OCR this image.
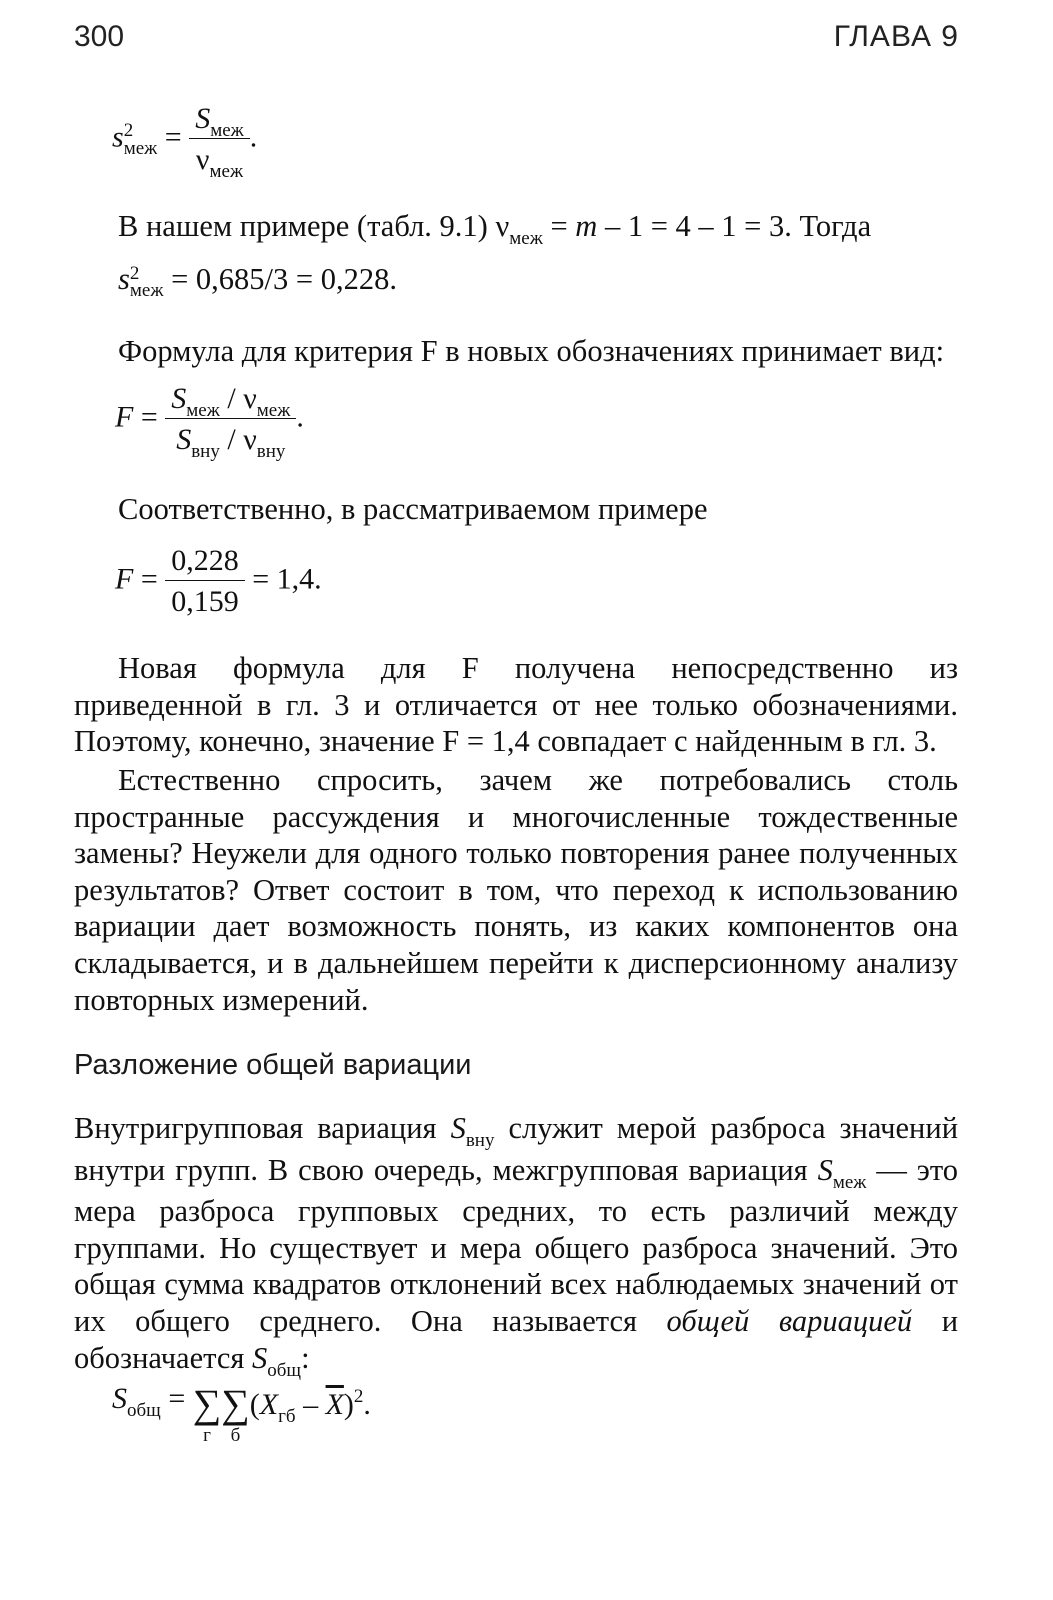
300	ГЛАВА 9
s 2
меж = $\frac{S_{меж}}{\nu_{меж}}$ .
В нашем примере (табл. 9.1) $\nu_{меж} = m - 1 = 4 - 1 = 3$. Тогда
s 2
меж = 0,685/3 = 0,228.
Формула для критерия F в новых обозначениях принимает вид:
$F = \frac{S_{меж} / \nu_{меж}}{S_{вну} / \nu_{вну}}$ .
Соответственно, в рассматриваемом примере
$F = \frac{0,228}{0,159} = 1,4$.
Новая формула для F получена непосредственно из приведенной в гл. 3 и отличается от нее только обозначениями. Поэтому, конечно, значение F = 1,4 совпадает с найденным в гл. 3.
Естественно спросить, зачем же потребовались столь пространные рассуждения и многочисленные тождественные замены? Неужели для одного только повторения ранее полученных результатов? Ответ состоит в том, что переход к использованию вариации дает возможность понять, из каких компонентов она складывается, и в дальнейшем перейти к дисперсионному анализу повторных измерений.
Разложение общей вариации
Внутригрупповая вариация $S_{вну}$ служит мерой разброса значений внутри групп. В свою очередь, межгрупповая вариация $S_{меж}$ — это мера разброса групповых средних, то есть различий между группами. Но существует и мера общего разброса значений. Это общая сумма квадратов отклонений всех наблюдаемых значений от их общего среднего. Она называется общей вариацией и обозначается $S_{общ}$:
$S_{общ}$ = ∑
г
∑
б
$(X_{гб} - \overline{X})^2$.
